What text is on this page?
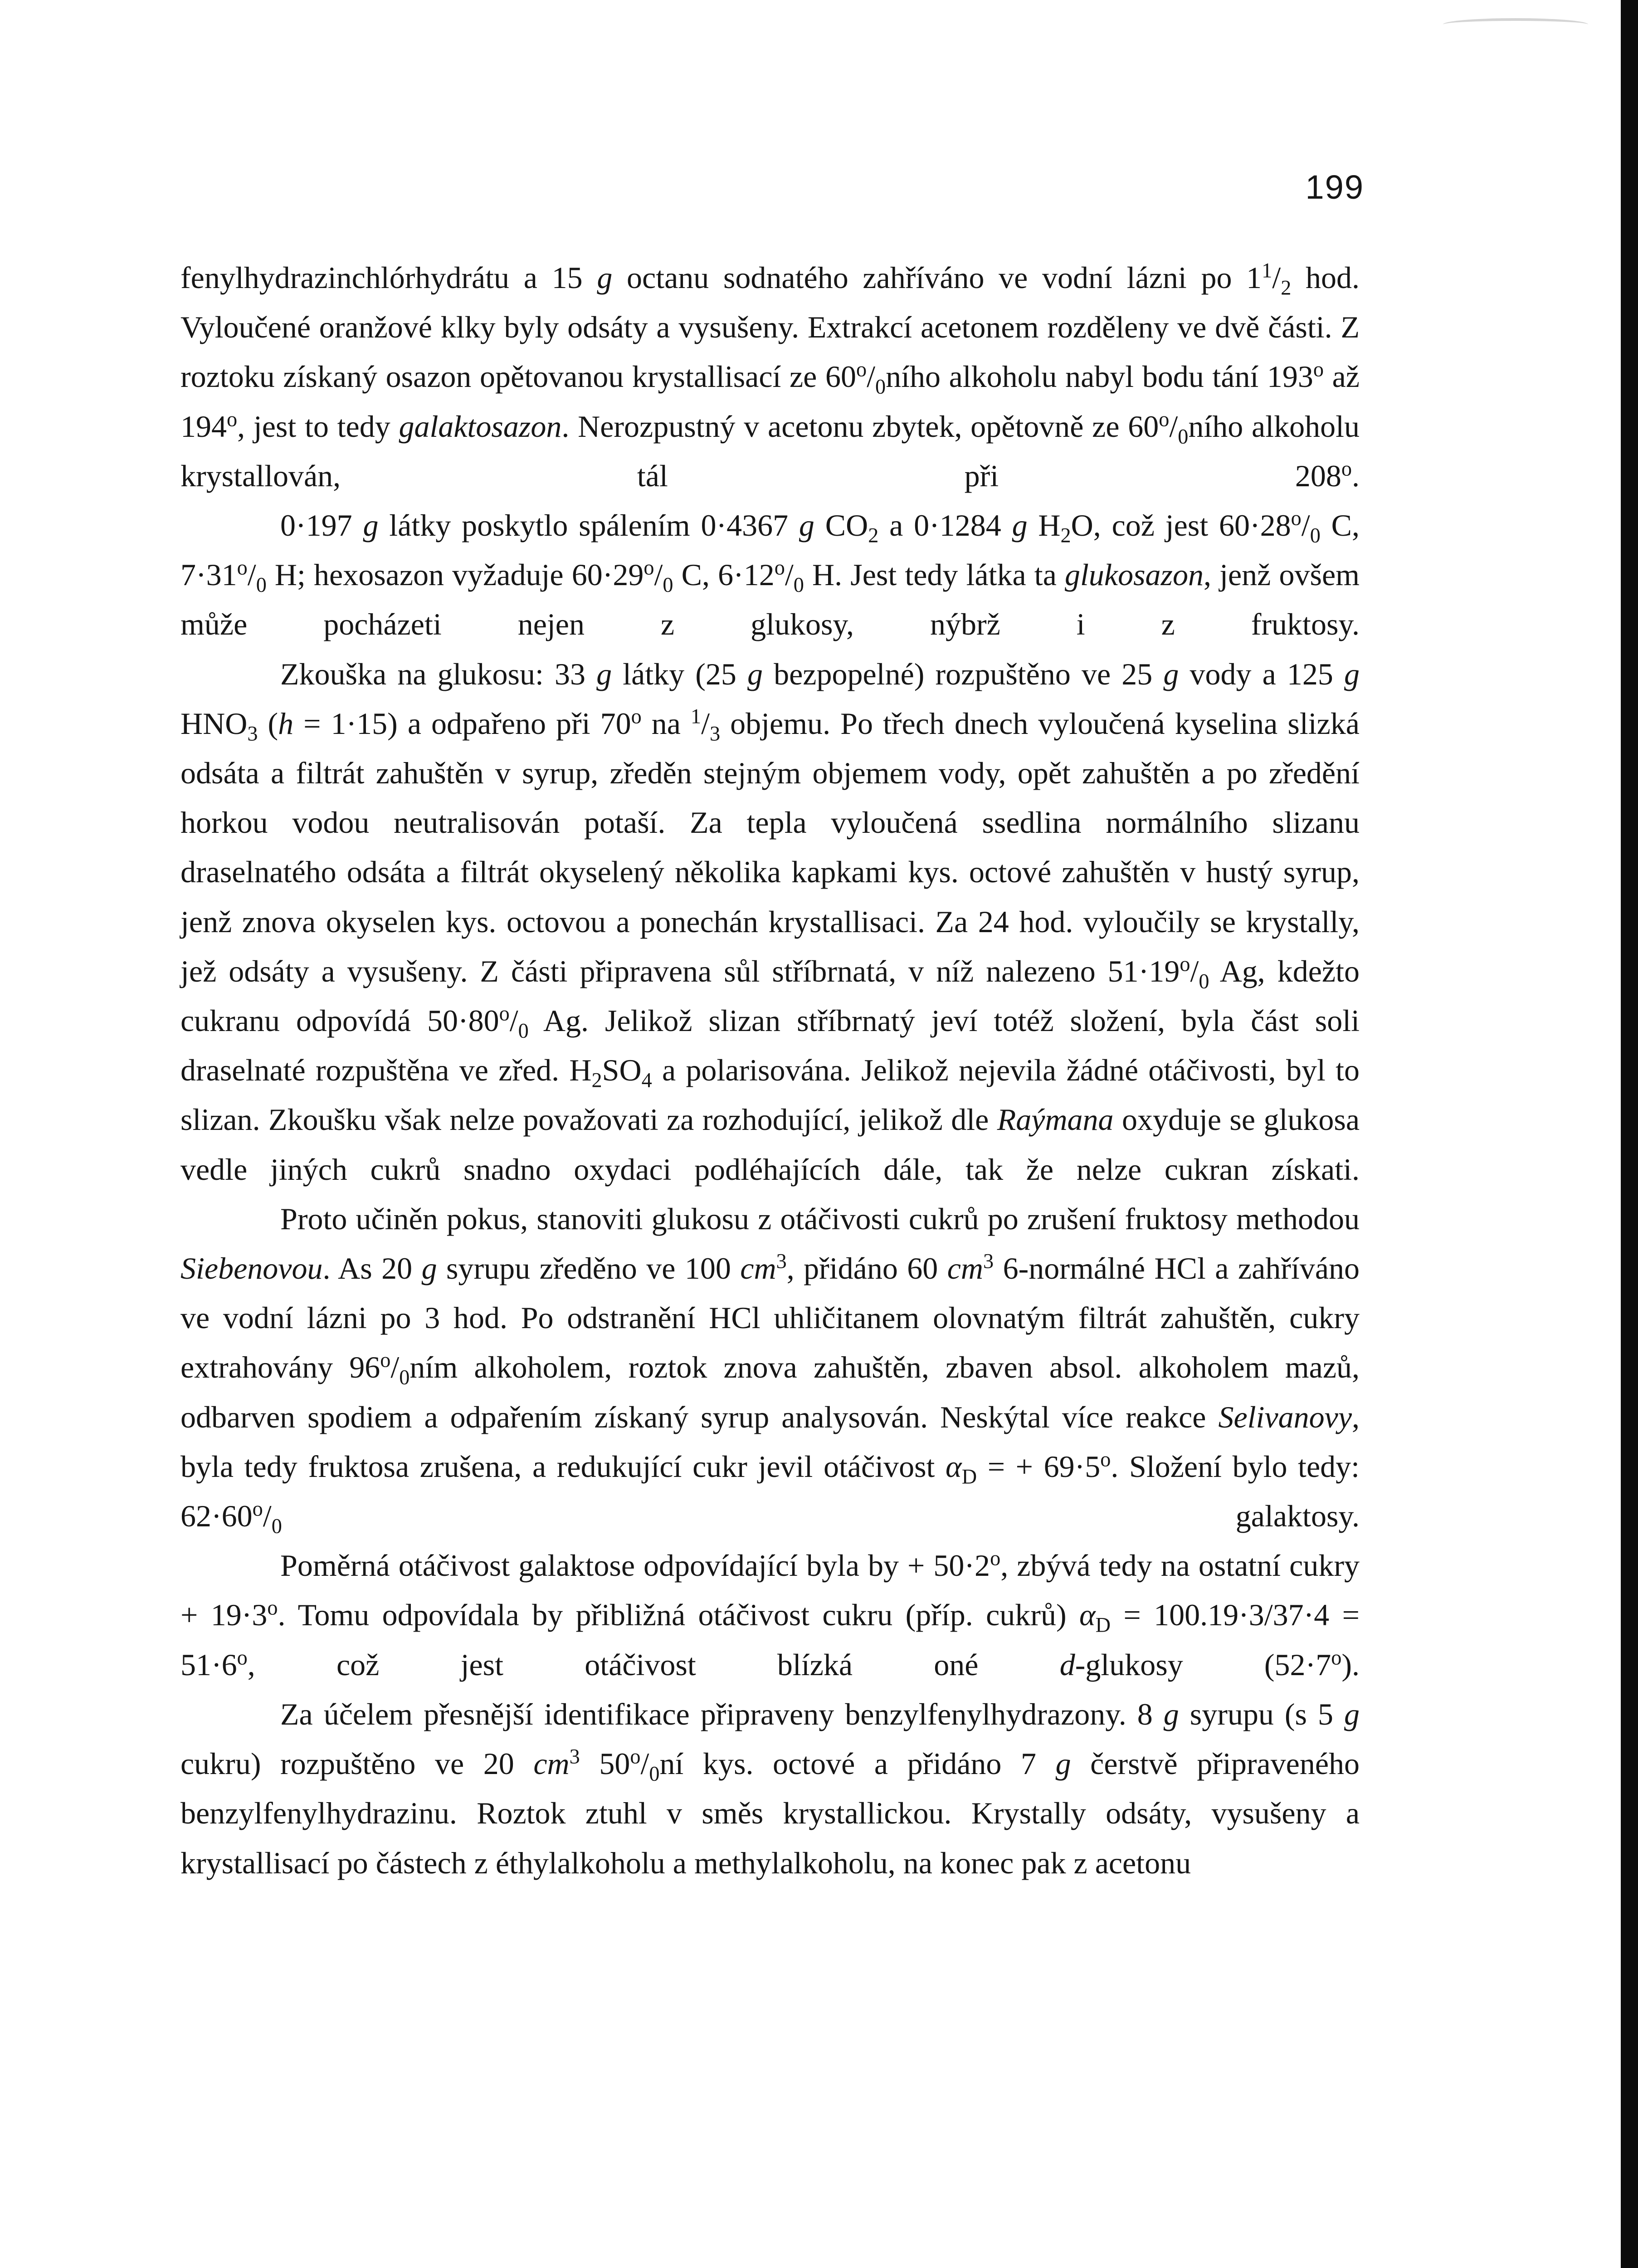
199

fenylhydrazinchlórhydrátu a 15 g octanu sodnatého zahříváno ve vodní lázni po $1^1/_2$ hod. Vyloučené oranžové klky byly odsáty a vysušeny. Extrakcí acetonem rozděleny ve dvě části. Z roztoku získaný osazon opětovanou krystallisací ze $60^o/_0ního$ alkoholu nabyl bodu tání 193$^o$ až 194$^o$, jest to tedy galaktosazon. Nerozpustný v acetonu zbytek, opětovně ze $60^o/_0ního$ alkoholu krystallován, tál při 208$^o$.

0·197 g látky poskytlo spálením 0·4367 g $CO_2$ a 0·1284 g $H_2O$, což jest $60\cdot 28^o/_0$ C, $7\cdot 31^o/_0$ H; hexosazon vyžaduje $60\cdot 29^o/_0$ C, $6\cdot 12^o/_0$ H. Jest tedy látka ta glukosazon, jenž ovšem může pocházeti nejen z glukosy, nýbrž i z fruktosy.

Zkouška na glukosu: 33 g látky (25 g bezpopelné) rozpuštěno ve 25 g vody a 125 g $HNO_3$ (h = 1·15) a odpařeno při 70$^o$ na $^1/_3$ objemu. Po třech dnech vyloučená kyselina slizká odsáta a filtrát zahuštěn v syrup, zředěn stejným objemem vody, opět zahuštěn a po zředění horkou vodou neutralisován potaší. Za tepla vyloučená ssedlina normálního slizanu draselnatého odsáta a filtrát okyselený několika kapkami kys. octové zahuštěn v hustý syrup, jenž znova okyselen kys. octovou a ponechán krystallisaci. Za 24 hod. vyloučily se krystally, jež odsáty a vysušeny. Z části připravena sůl stříbrnatá, v níž nalezeno $51\cdot 19^o/_0$ Ag, kdežto cukranu odpovídá $50\cdot 80^o/_0$ Ag. Jelikož slizan stříbrnatý jeví totéž složení, byla část soli draselnaté rozpuštěna ve zřed. $H_2SO_4$ a polarisována. Jelikož nejevila žádné otáčivosti, byl to slizan. Zkoušku však nelze považovati za rozhodující, jelikož dle Raýmana oxyduje se glukosa vedle jiných cukrů snadno oxydaci podléhajících dále, tak že nelze cukran získati.

Proto učiněn pokus, stanoviti glukosu z otáčivosti cukrů po zrušení fruktosy methodou Siebenovou. As 20 g syrupu zředěno ve 100 $cm^3$, přidáno 60 $cm^3$ 6-normálné HCl a zahříváno ve vodní lázni po 3 hod. Po odstranění HCl uhličitanem olovnatým filtrát zahuštěn, cukry extrahovány $96^o/_0ním$ alkoholem, roztok znova zahuštěn, zbaven absol. alkoholem mazů, odbarven spodiem a odpařením získaný syrup analysován. Neskýtal více reakce Selivanovy, byla tedy fruktosa zrušena, a redukující cukr jevil otáčivost $\alpha_D$ = + $69\cdot 5^o$. Složení bylo tedy: $62\cdot 60^o/_0$ galaktosy.

Poměrná otáčivost galaktose odpovídající byla by + $50\cdot 2^o$, zbývá tedy na ostatní cukry + $19\cdot 3^o$. Tomu odpovídala by přibližná otáčivost cukru (příp. cukrů) $\alpha_D = 100.19\cdot 3/37\cdot 4 = 51\cdot 6^o$, což jest otáčivost blízká oné d-glukosy $(52\cdot 7^o)$.

Za účelem přesnější identifikace připraveny benzylfenylhydrazony. 8 g syrupu (s 5 g cukru) rozpuštěno ve 20 $cm^3$ $50^o/_0ní$ kys. octové a přidáno 7 g čerstvě připraveného benzylfenylhydrazinu. Roztok ztuhl v směs krystallickou. Krystally odsáty, vysušeny a krystallisací po částech z éthylalkoholu a methylalkoholu, na konec pak z acetonu
